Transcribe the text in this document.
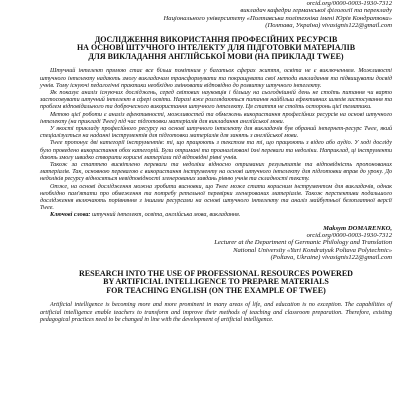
orcid.org/0000-0003-1930-7312
викладач кафедри германської філології та перекладу
Національного університету «Полтавська політехніка імені Юрія Кондратюка»
(Полтава, Україна) vivasignis122@gmail.com
ДОСЛІДЖЕННЯ ВИКОРИСТАННЯ ПРОФЕСІЙНИХ РЕСУРСІВ
НА ОСНОВІ ШТУЧНОГО ІНТЕЛЕКТУ ДЛЯ ПІДГОТОВКИ МАТЕРІАЛІВ
ДЛЯ ВИКЛАДАННЯ АНГЛІЙСЬКОЇ МОВИ (НА ПРИКЛАДІ TWEE)

Штучний інтелект прямою стає все більш помітним у багатьох сферах життя, освіта не є виключенням. Можливості штучного інтелекту надають змогу викладачам трансформувати та покращувати свої методи викладання та підвищувати досвід учнів. Тому існуючі педагогічні практики необхідно змінювати відповідно до розвитку штучного інтелекту.

Як показує аналіз існуючих досліджень, серед світових науковців і більшу на сьогоднішній день не стоїть питання чи варто застосовувати штучний інтелект в сфері освіти. Наразі вже розглядаються питання найбільш ефективних шляхів застосування та проблем відповідального та доброчесного використання штучного інтелекту. Ця стаття не стоїть осторонь цієї тематики.

Метою цієї роботи є аналіз ефективності, можливостей та обмежень використання професійних ресурсів на основі штучного інтелекту (на прикладі Twee) під час підготовки матеріалів для викладання англійської мови.

У якості прикладу професійного ресурсу на основі штучного інтелекту для викладачів був обраний інтернет-ресурс Twee, який спеціалізується на наданні інструментів для підготовки матеріалів для занять з англійської мови.

Twee пропонує дві категорії інструментів: ті, що працюють з текстом та ті, що працюють з відео або аудіо. У ході досліду було проведено використання обох категорій. Були отримані та проаналізовані їхні переваги та недоліки. Наприклад, ці інструменти дають змогу швидко створити корисні матеріали під відповідні рівні учнів.

Також за статтею висвітлено переваги та недоліки відносно отриманих результатів та відповідність пропонованих матеріалів. Так, основною перевагою є використання інструменту на основі штучного інтелекту для підготовки вправ до уроку. До недоліків ресурсу відносяться невідповідності згенерованих завдань рівню учнів та складності тексту.

Отже, на основі дослідження можна зробити висновки, що Twee може стати корисним інструментом для викладачів, однак необхідно пам'ятати про обмеження та потребу ретельної перевірки згенерованих матеріалів. Також перспективи подальшого дослідження включають порівняння з іншими ресурсами на основі штучного інтелекту та аналіз майбутньої безоплатної версії Twee.

Ключові слова: штучний інтелект, освіта, англійська мова, викладання.

Maksym DOMARENKO,
orcid.org/0000-0003-1930-7312
Lecturer at the Department of Germanic Philology and Translation
National University «Yuri Kondratyuk Poltava Polytechnic»
(Poltava, Ukraine) vivasignis122@gmail.com
RESEARCH INTO THE USE OF PROFESSIONAL RESOURCES POWERED
BY ARTIFICIAL INTELLIGENCE TO PREPARE MATERIALS
FOR TEACHING ENGLISH (ON THE EXAMPLE OF TWEE)

Artificial intelligence is becoming more and more prominent in many areas of life, and education is no exception. The capabilities of artificial intelligence enable teachers to transform and improve their methods of teaching and classroom preparation. Therefore, existing pedagogical practices need to be changed in line with the development of artificial intelligence.
